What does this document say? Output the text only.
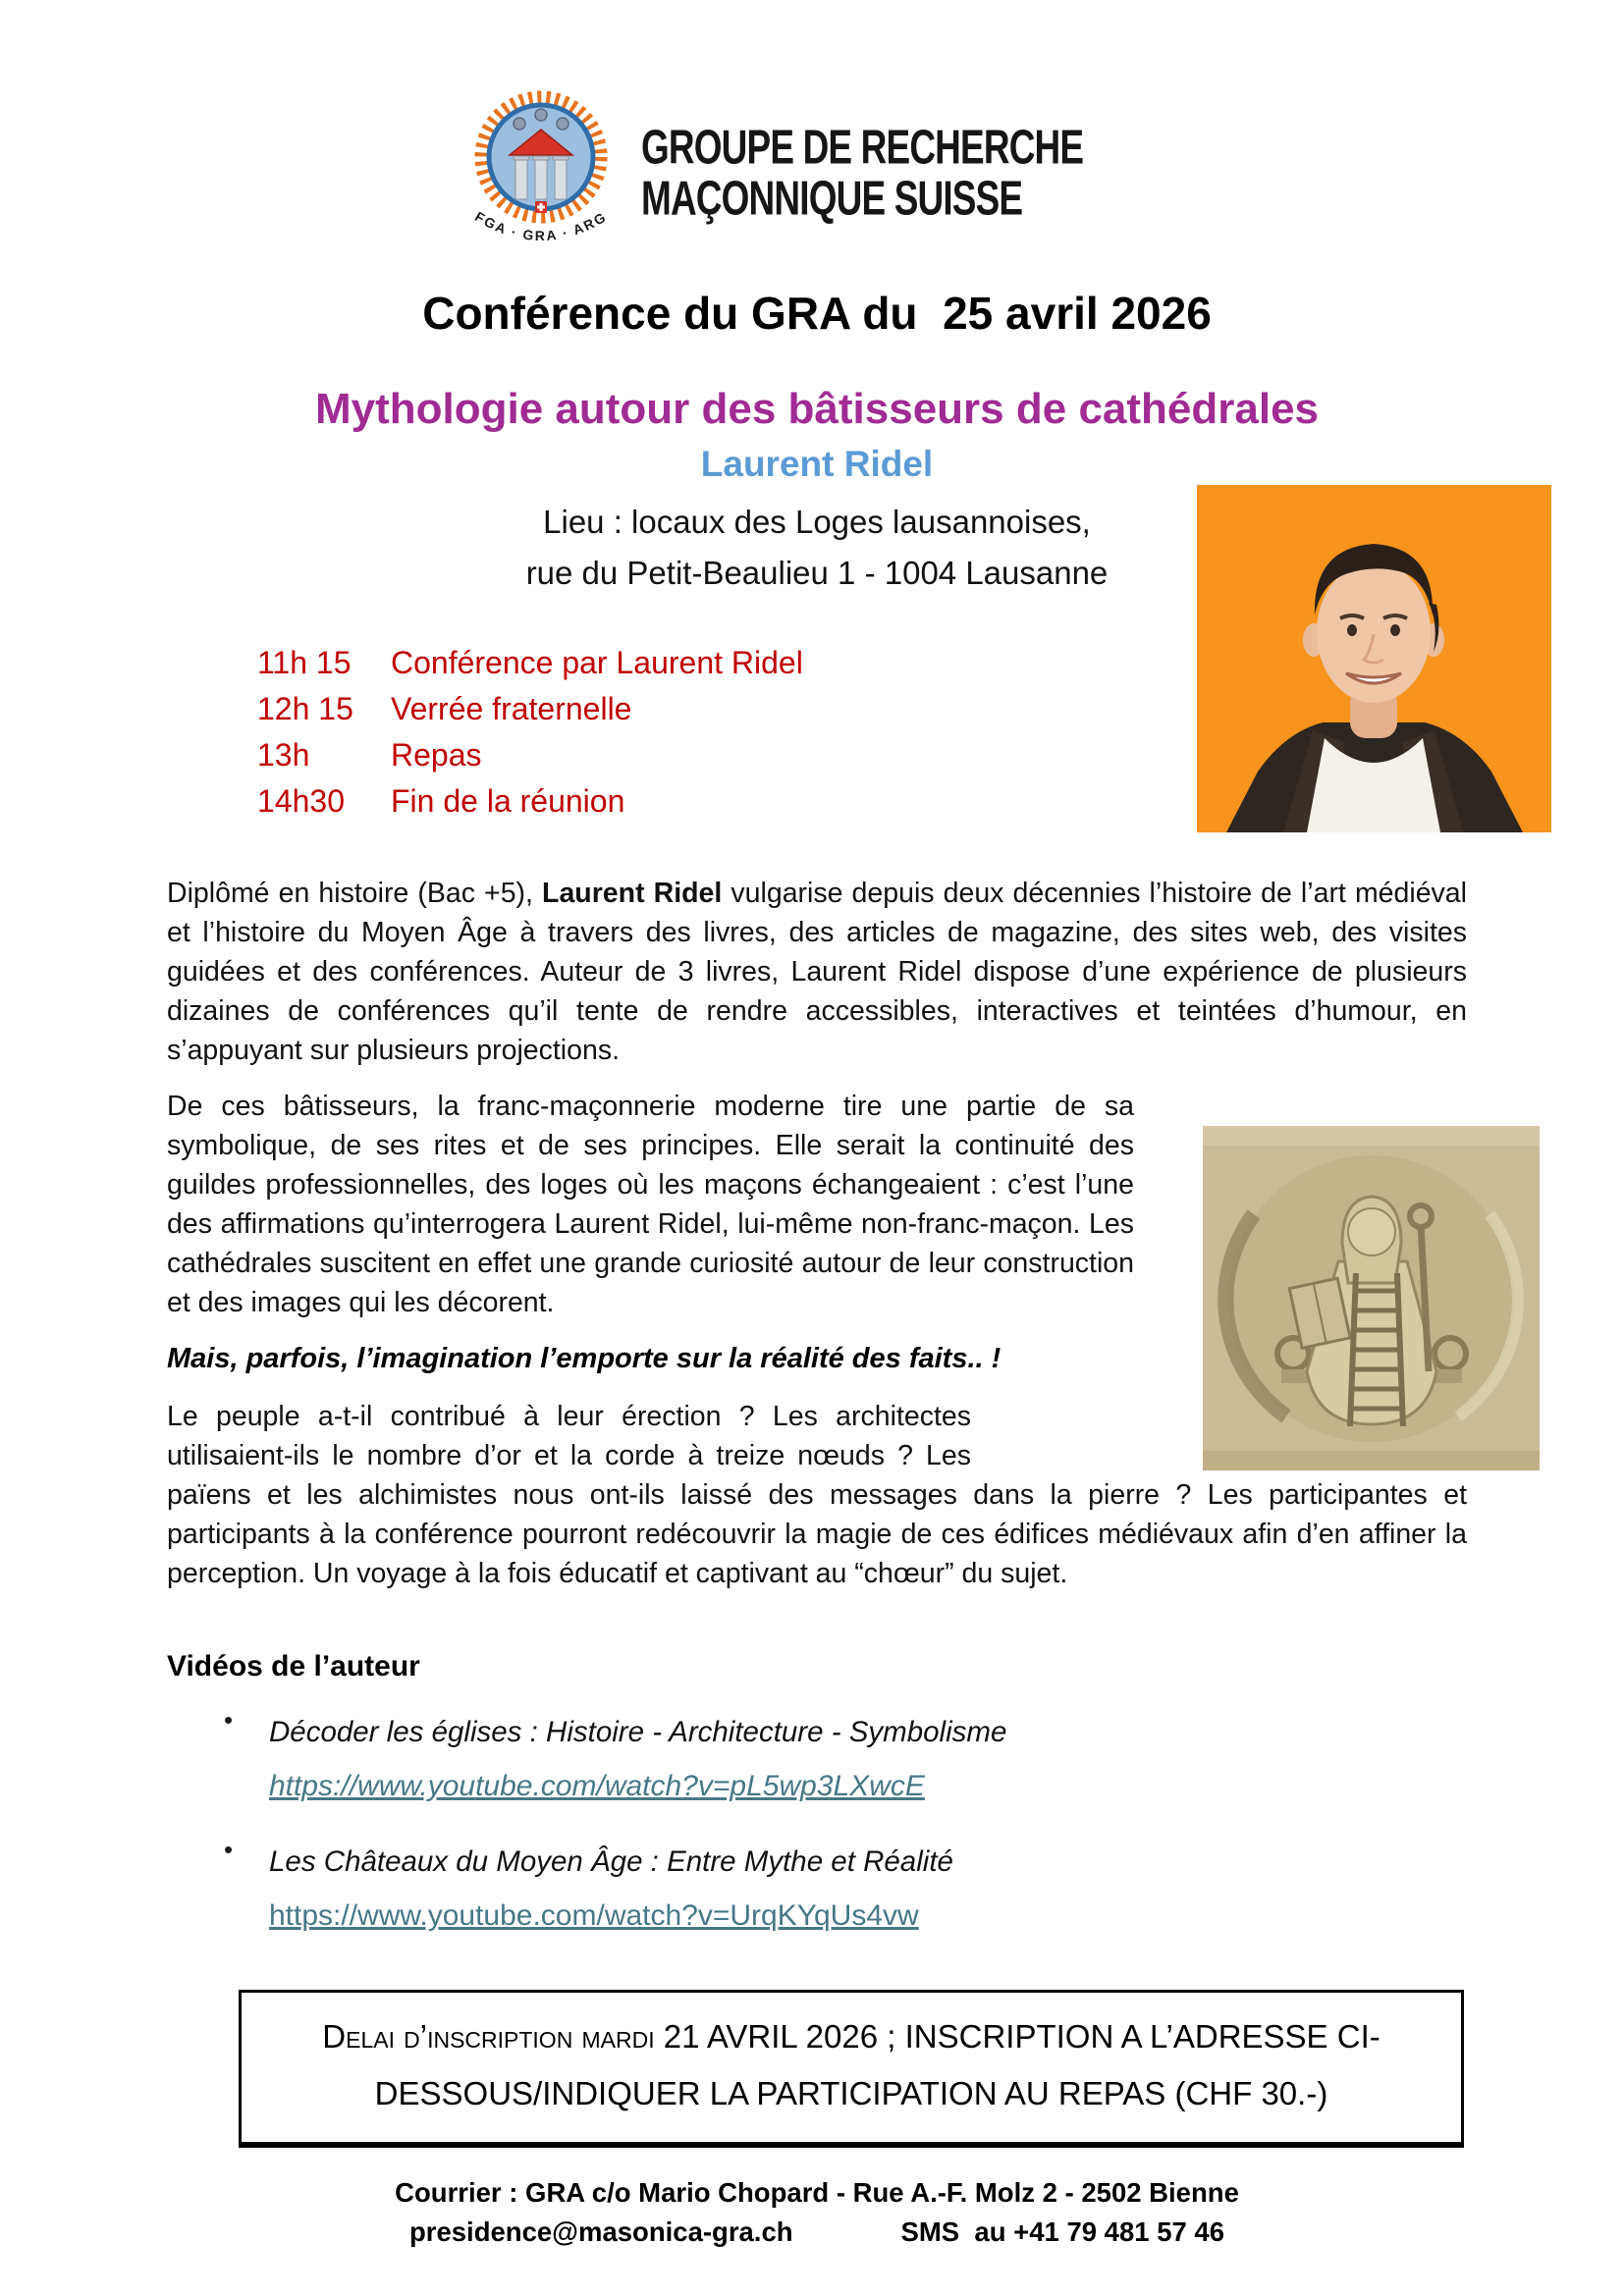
FGA · GRA · ARG
GROUPE DE RECHERCHE
MAÇONNIQUE SUISSE
Conférence du GRA du  25 avril 2026
Mythologie autour des bâtisseurs de cathédrales
Laurent Ridel
Lieu : locaux des Loges lausannoises,
rue du Petit-Beaulieu 1 - 1004 Lausanne
11h 15 Conférence par Laurent Ridel
12h 15 Verrée fraternelle
13h	Repas
14h30 Fin de la réunion
Diplômé en histoire (Bac +5), Laurent Ridel vulgarise depuis deux décennies l’histoire de l’art médiéval et l’histoire du Moyen Âge à travers des livres, des articles de magazine, des sites web, des visites guidées et des conférences. Auteur de 3 livres, Laurent Ridel dispose d’une expérience de plusieurs dizaines de conférences qu’il tente de rendre accessibles, interactives et teintées d’humour, en s’appuyant sur plusieurs projections.
De ces bâtisseurs, la franc-maçonnerie moderne tire une partie de sa symbolique, de ses rites et de ses principes. Elle serait la continuité des guildes professionnelles, des loges où les maçons échangeaient : c’est l’une des affirmations qu’interrogera Laurent Ridel, lui-même non-franc-maçon. Les cathédrales suscitent en effet une grande curiosité autour de leur construction et des images qui les décorent.
Mais, parfois, l’imagination l’emporte sur la réalité des faits.. !
Le peuple a-t-il contribué à leur érection ? Les architectes utilisaient-ils le nombre d’or et la corde à treize nœuds ? Les païens et les alchimistes nous ont-ils laissé des messages dans la pierre ? Les participantes et participants à la conférence pourront redécouvrir la magie de ces édifices médiévaux afin d’en affiner la perception. Un voyage à la fois éducatif et captivant au “chœur” du sujet.
Vidéos de l’auteur
• Décoder les églises : Histoire - Architecture - Symbolisme
https://www.youtube.com/watch?v=pL5wp3LXwcE
• Les Châteaux du Moyen Âge : Entre Mythe et Réalité
https://www.youtube.com/watch?v=UrqKYqUs4vw
Delai d’inscription mardi 21 AVRIL 2026 ; INSCRIPTION A L’ADRESSE CI-DESSOUS/INDIQUER LA PARTICIPATION AU REPAS (CHF 30.-)
Courrier : GRA c/o Mario Chopard - Rue A.-F. Molz 2 - 2502 Bienne
presidence@masonica-gra.ch	SMS  au +41 79 481 57 46
